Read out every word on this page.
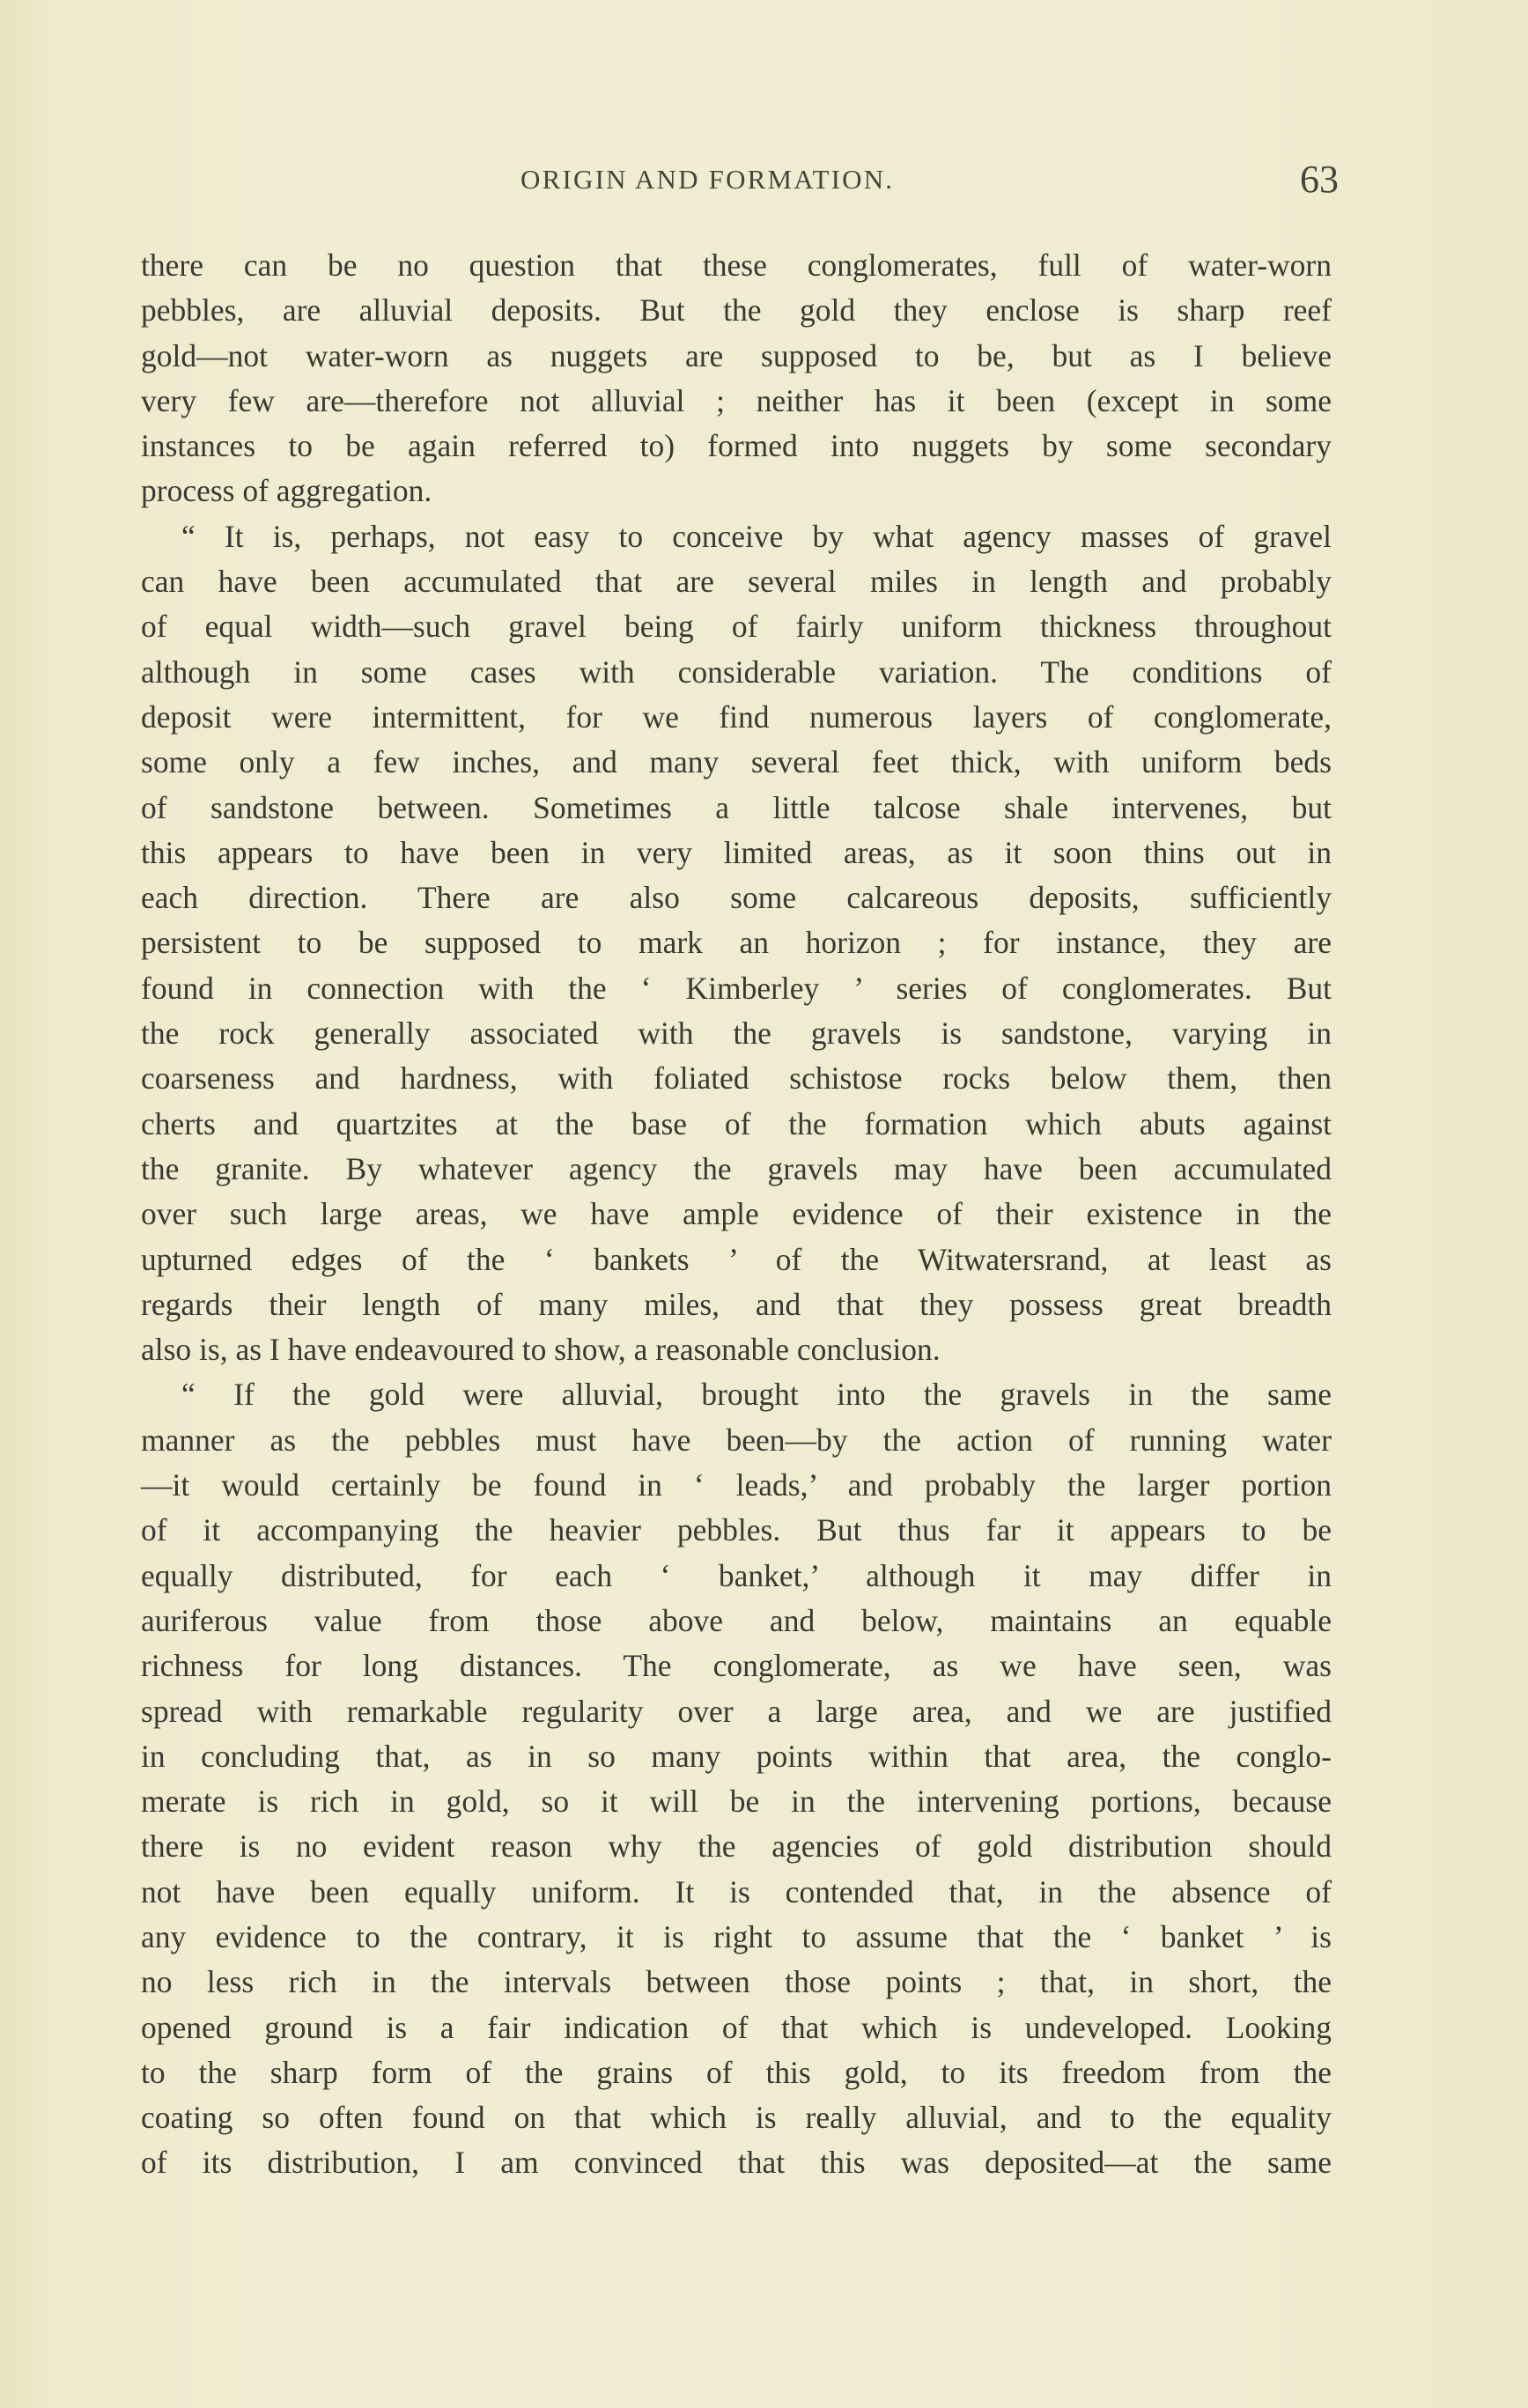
ORIGIN AND FORMATION.	63
there can be no question that these conglomerates, full of water-worn
pebbles, are alluvial deposits. But the gold they enclose is sharp reef
gold—not water-worn as nuggets are supposed to be, but as I believe
very few are—therefore not alluvial ; neither has it been (except in some
instances to be again referred to) formed into nuggets by some secondary
process of aggregation.
“ It is, perhaps, not easy to conceive by what agency masses of gravel
can have been accumulated that are several miles in length and probably
of equal width—such gravel being of fairly uniform thickness throughout
although in some cases with considerable variation. The conditions of
deposit were intermittent, for we find numerous layers of conglomerate,
some only a few inches, and many several feet thick, with uniform beds
of sandstone between. Sometimes a little talcose shale intervenes, but
this appears to have been in very limited areas, as it soon thins out in
each direction. There are also some calcareous deposits, sufficiently
persistent to be supposed to mark an horizon ; for instance, they are
found in connection with the ‘ Kimberley ’ series of conglomerates. But
the rock generally associated with the gravels is sandstone, varying in
coarseness and hardness, with foliated schistose rocks below them, then
cherts and quartzites at the base of the formation which abuts against
the granite. By whatever agency the gravels may have been accumulated
over such large areas, we have ample evidence of their existence in the
upturned edges of the ‘ bankets ’ of the Witwatersrand, at least as
regards their length of many miles, and that they possess great breadth
also is, as I have endeavoured to show, a reasonable conclusion.
“ If the gold were alluvial, brought into the gravels in the same
manner as the pebbles must have been—by the action of running water
—it would certainly be found in ‘ leads,’ and probably the larger portion
of it accompanying the heavier pebbles. But thus far it appears to be
equally distributed, for each ‘ banket,’ although it may differ in
auriferous value from those above and below, maintains an equable
richness for long distances. The conglomerate, as we have seen, was
spread with remarkable regularity over a large area, and we are justified
in concluding that, as in so many points within that area, the conglo-
merate is rich in gold, so it will be in the intervening portions, because
there is no evident reason why the agencies of gold distribution should
not have been equally uniform. It is contended that, in the absence of
any evidence to the contrary, it is right to assume that the ‘ banket ’ is
no less rich in the intervals between those points ; that, in short, the
opened ground is a fair indication of that which is undeveloped. Looking
to the sharp form of the grains of this gold, to its freedom from the
coating so often found on that which is really alluvial, and to the equality
of its distribution, I am convinced that this was deposited—at the same
